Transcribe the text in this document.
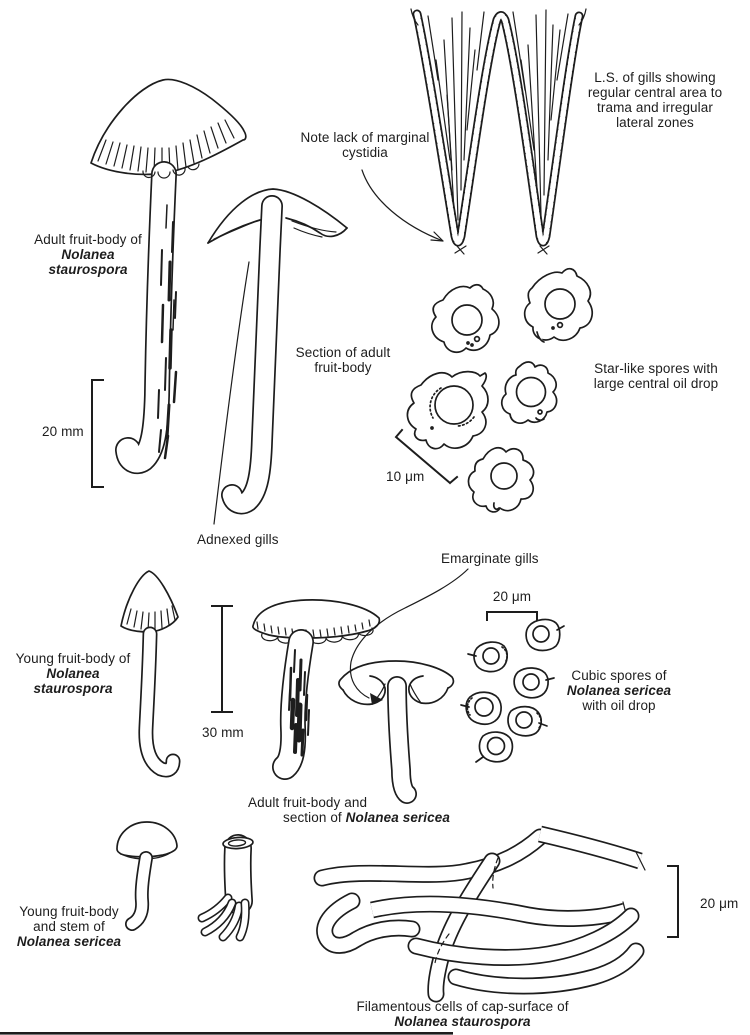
Adult fruit-body of
Nolanea
staurospora
Note lack of marginal
cystidia
L.S. of gills showing
regular central area to
trama and irregular
lateral zones
Section of adult
fruit-body	Star-like spores with
large central oil drop
Adnexed gills
Emarginate gills
Young fruit-body of
Nolanea
staurospora
Cubic spores of
Nolanea sericea
with oil drop
Adult fruit-body and
section of Nolanea sericea
Young fruit-body
and stem of
Nolanea sericea
Filamentous cells of cap-surface of
Nolanea staurospora
20 mm
10 μm
30 mm
20 μm
20 μm
